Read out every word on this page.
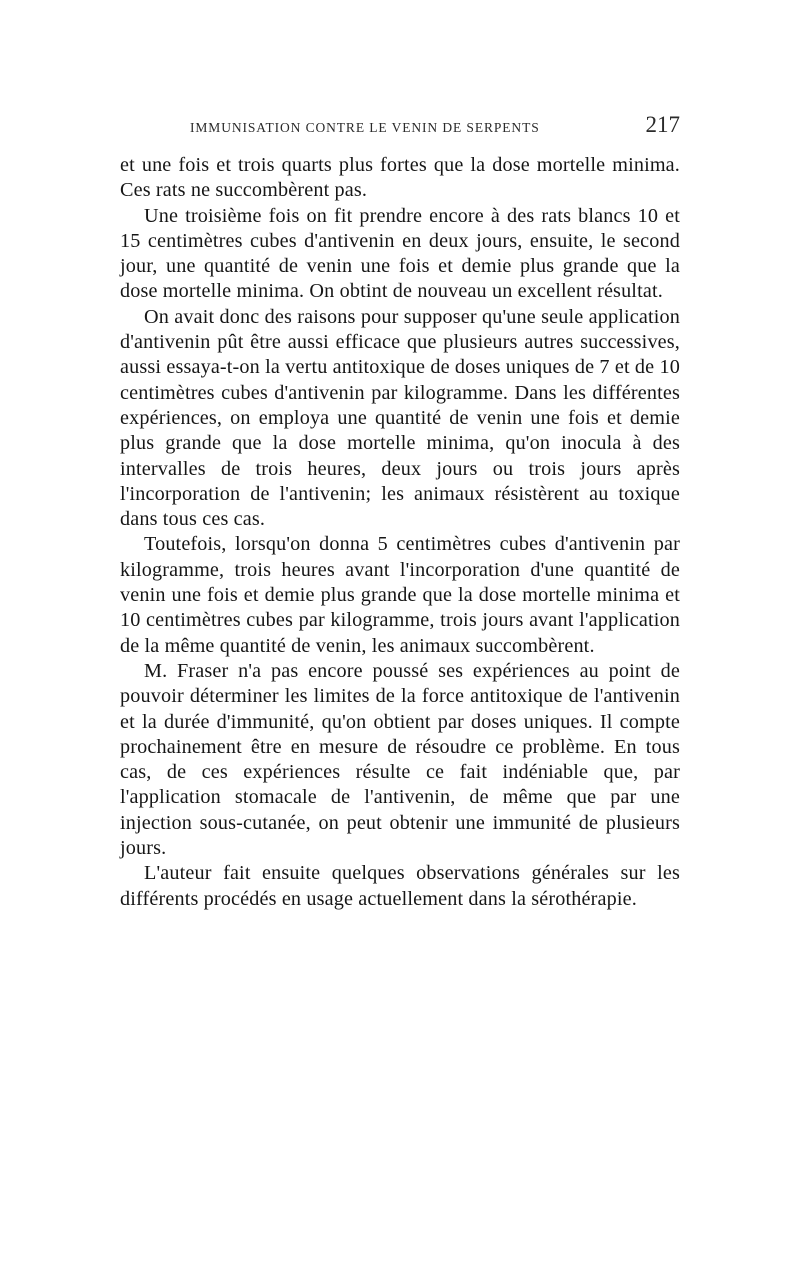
IMMUNISATION CONTRE LE VENIN DE SERPENTS	217

et une fois et trois quarts plus fortes que la dose mortelle minima. Ces rats ne succombèrent pas.

Une troisième fois on fit prendre encore à des rats blancs 10 et 15 centimètres cubes d'antivenin en deux jours, ensuite, le second jour, une quantité de venin une fois et demie plus grande que la dose mortelle minima. On obtint de nouveau un excellent résultat.

On avait donc des raisons pour supposer qu'une seule application d'antivenin pût être aussi efficace que plusieurs autres successives, aussi essaya-t-on la vertu antitoxique de doses uniques de 7 et de 10 centimètres cubes d'antivenin par kilogramme. Dans les différentes expériences, on employa une quantité de venin une fois et demie plus grande que la dose mortelle minima, qu'on inocula à des intervalles de trois heures, deux jours ou trois jours après l'incorporation de l'antivenin; les animaux résistèrent au toxique dans tous ces cas.

Toutefois, lorsqu'on donna 5 centimètres cubes d'antivenin par kilogramme, trois heures avant l'incorporation d'une quantité de venin une fois et demie plus grande que la dose mortelle minima et 10 centimètres cubes par kilogramme, trois jours avant l'application de la même quantité de venin, les animaux succombèrent.

M. Fraser n'a pas encore poussé ses expériences au point de pouvoir déterminer les limites de la force antitoxique de l'antivenin et la durée d'immunité, qu'on obtient par doses uniques. Il compte prochainement être en mesure de résoudre ce problème. En tous cas, de ces expériences résulte ce fait indéniable que, par l'application stomacale de l'antivenin, de même que par une injection sous-cutanée, on peut obtenir une immunité de plusieurs jours.

L'auteur fait ensuite quelques observations générales sur les différents procédés en usage actuellement dans la sérothérapie.
